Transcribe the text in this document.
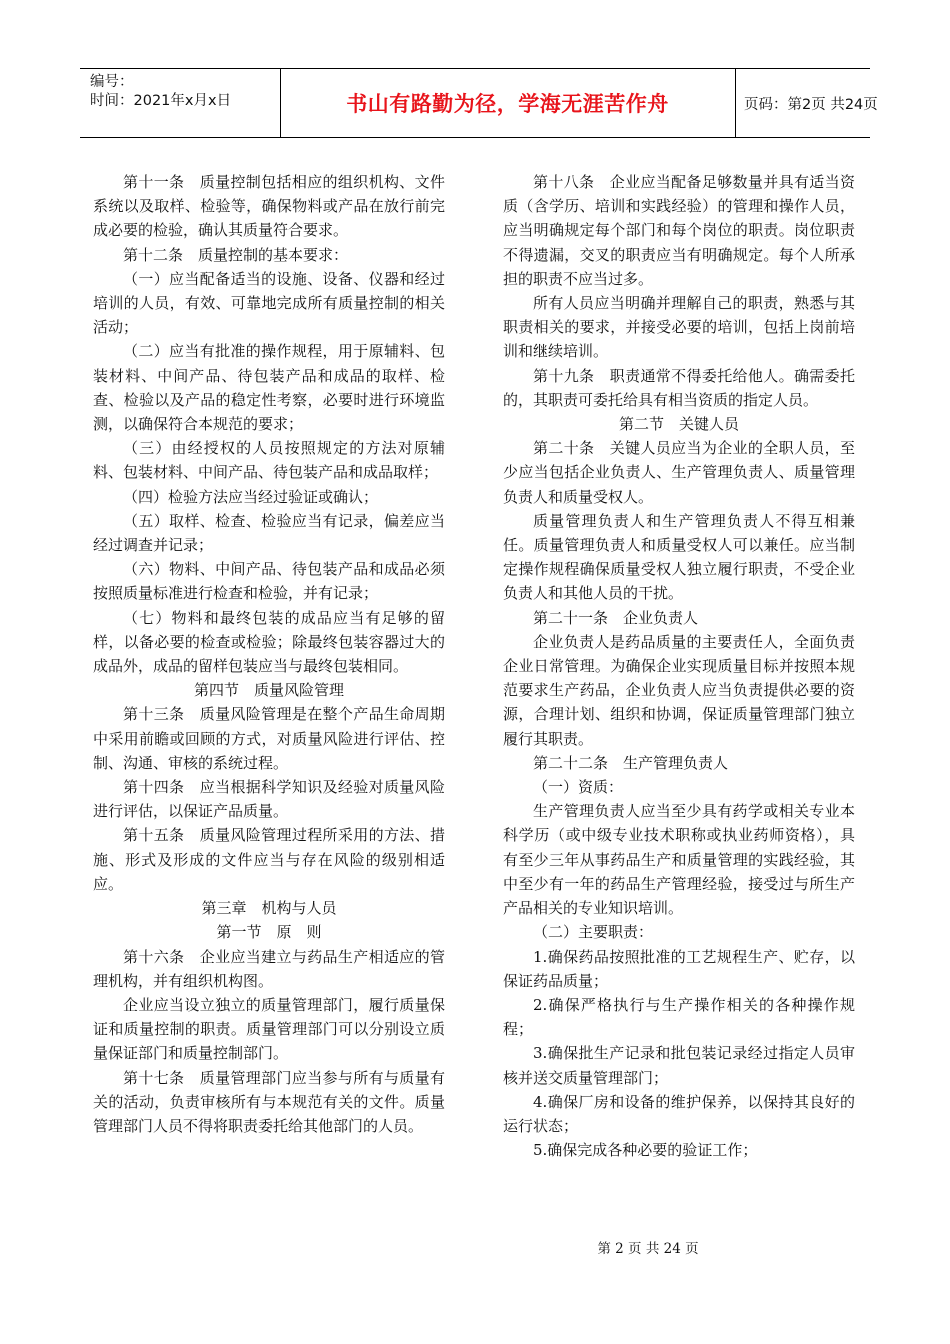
编号：
时间：2021年x月x日	书山有路勤为径，学海无涯苦作舟	页码：第2页 共24页

第十一条　质量控制包括相应的组织机构、文件系统以及取样、检验等，确保物料或产品在放行前完成必要的检验，确认其质量符合要求。

第十二条　质量控制的基本要求：

（一）应当配备适当的设施、设备、仪器和经过培训的人员，有效、可靠地完成所有质量控制的相关活动；

（二）应当有批准的操作规程，用于原辅料、包装材料、中间产品、待包装产品和成品的取样、检查、检验以及产品的稳定性考察，必要时进行环境监测，以确保符合本规范的要求；

（三）由经授权的人员按照规定的方法对原辅料、包装材料、中间产品、待包装产品和成品取样；

（四）检验方法应当经过验证或确认；

（五）取样、检查、检验应当有记录，偏差应当经过调查并记录；

（六）物料、中间产品、待包装产品和成品必须按照质量标准进行检查和检验，并有记录；

（七）物料和最终包装的成品应当有足够的留样，以备必要的检查或检验；除最终包装容器过大的成品外，成品的留样包装应当与最终包装相同。

第四节　质量风险管理

第十三条　质量风险管理是在整个产品生命周期中采用前瞻或回顾的方式，对质量风险进行评估、控制、沟通、审核的系统过程。

第十四条　应当根据科学知识及经验对质量风险进行评估，以保证产品质量。

第十五条　质量风险管理过程所采用的方法、措施、形式及形成的文件应当与存在风险的级别相适应。

第三章　机构与人员

第一节　原　则

第十六条　企业应当建立与药品生产相适应的管理机构，并有组织机构图。

企业应当设立独立的质量管理部门，履行质量保证和质量控制的职责。质量管理部门可以分别设立质量保证部门和质量控制部门。

第十七条　质量管理部门应当参与所有与质量有关的活动，负责审核所有与本规范有关的文件。质量管理部门人员不得将职责委托给其他部门的人员。

第十八条　企业应当配备足够数量并具有适当资质（含学历、培训和实践经验）的管理和操作人员，应当明确规定每个部门和每个岗位的职责。岗位职责不得遗漏，交叉的职责应当有明确规定。每个人所承担的职责不应当过多。

所有人员应当明确并理解自己的职责，熟悉与其职责相关的要求，并接受必要的培训，包括上岗前培训和继续培训。

第十九条　职责通常不得委托给他人。确需委托的，其职责可委托给具有相当资质的指定人员。

第二节　关键人员

第二十条　关键人员应当为企业的全职人员，至少应当包括企业负责人、生产管理负责人、质量管理负责人和质量受权人。

质量管理负责人和生产管理负责人不得互相兼任。质量管理负责人和质量受权人可以兼任。应当制定操作规程确保质量受权人独立履行职责，不受企业负责人和其他人员的干扰。

第二十一条　企业负责人

企业负责人是药品质量的主要责任人，全面负责企业日常管理。为确保企业实现质量目标并按照本规范要求生产药品，企业负责人应当负责提供必要的资源，合理计划、组织和协调，保证质量管理部门独立履行其职责。

第二十二条　生产管理负责人

（一）资质：

生产管理负责人应当至少具有药学或相关专业本科学历（或中级专业技术职称或执业药师资格），具有至少三年从事药品生产和质量管理的实践经验，其中至少有一年的药品生产管理经验，接受过与所生产产品相关的专业知识培训。

（二）主要职责：

1.确保药品按照批准的工艺规程生产、贮存，以保证药品质量；

2.确保严格执行与生产操作相关的各种操作规程；

3.确保批生产记录和批包装记录经过指定人员审核并送交质量管理部门；

4.确保厂房和设备的维护保养，以保持其良好的运行状态；

5.确保完成各种必要的验证工作；

第 2 页 共 24 页
